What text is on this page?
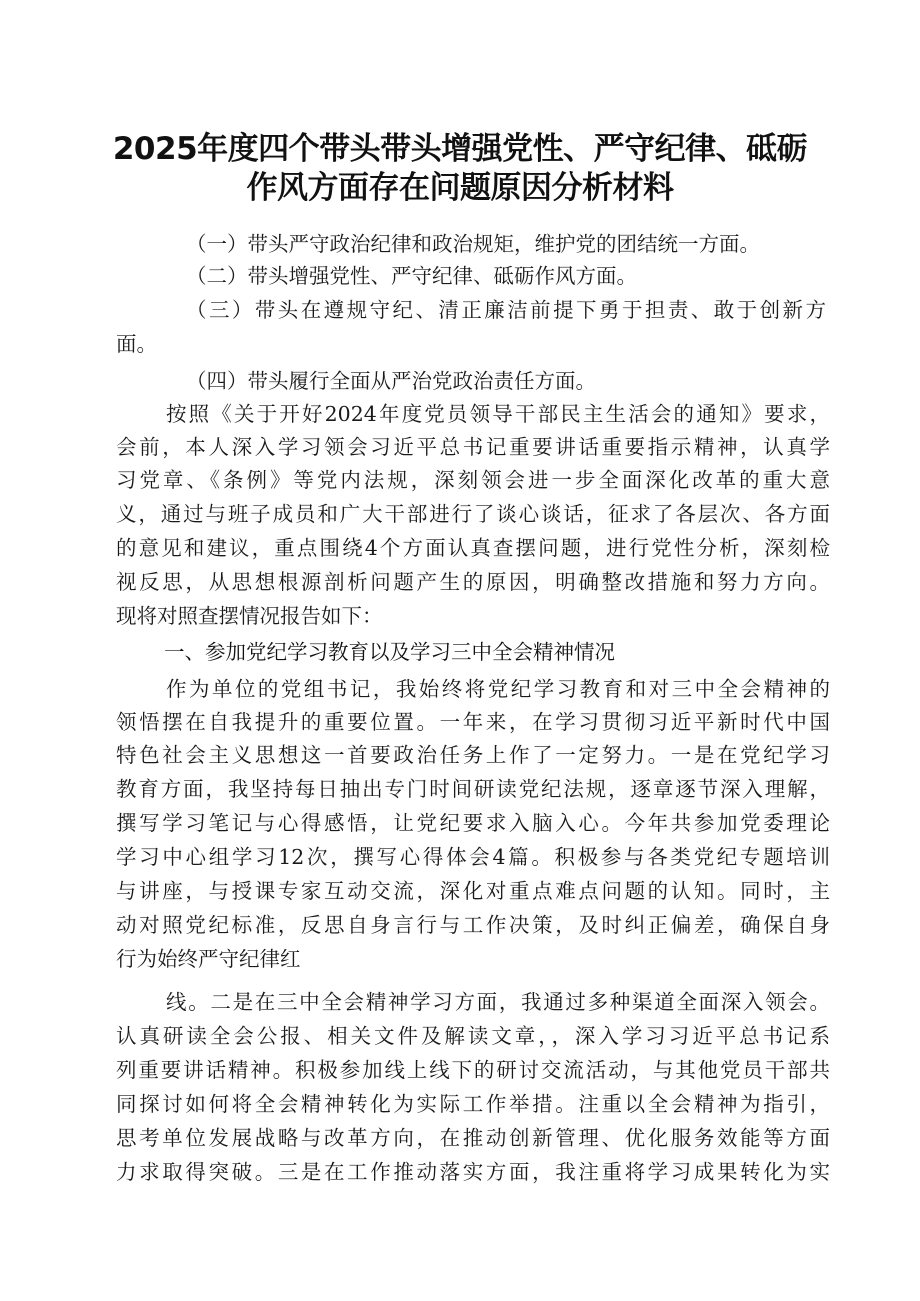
2025年度四个带头带头增强党性、严守纪律、砥砺
作风方面存在问题原因分析材料
（一）带头严守政治纪律和政治规矩，维护党的团结统一方面。
（二）带头增强党性、严守纪律、砥砺作风方面。
（三）带头在遵规守纪、清正廉洁前提下勇于担责、敢于创新方
面。
（四）带头履行全面从严治党政治责任方面。
按照《关于开好2024年度党员领导干部民主生活会的通知》要求，
会前，本人深入学习领会习近平总书记重要讲话重要指示精神，认真学
习党章、《条例》等党内法规，深刻领会进一步全面深化改革的重大意
义，通过与班子成员和广大干部进行了谈心谈话，征求了各层次、各方面
的意见和建议，重点围绕4个方面认真查摆问题，进行党性分析，深刻检
视反思，从思想根源剖析问题产生的原因，明确整改措施和努力方向。
现将对照查摆情况报告如下：
一、参加党纪学习教育以及学习三中全会精神情况
作为单位的党组书记，我始终将党纪学习教育和对三中全会精神的
领悟摆在自我提升的重要位置。一年来，在学习贯彻习近平新时代中国
特色社会主义思想这一首要政治任务上作了一定努力。一是在党纪学习
教育方面，我坚持每日抽出专门时间研读党纪法规，逐章逐节深入理解，
撰写学习笔记与心得感悟，让党纪要求入脑入心。今年共参加党委理论
学习中心组学习12次，撰写心得体会4篇。积极参与各类党纪专题培训
与讲座，与授课专家互动交流，深化对重点难点问题的认知。同时，主
动对照党纪标准，反思自身言行与工作决策，及时纠正偏差，确保自身
行为始终严守纪律红
线。二是在三中全会精神学习方面，我通过多种渠道全面深入领会。
认真研读全会公报、相关文件及解读文章，，深入学习习近平总书记系
列重要讲话精神。积极参加线上线下的研讨交流活动，与其他党员干部共
同探讨如何将全会精神转化为实际工作举措。注重以全会精神为指引，
思考单位发展战略与改革方向，在推动创新管理、优化服务效能等方面
力求取得突破。三是在工作推动落实方面，我注重将学习成果转化为实
